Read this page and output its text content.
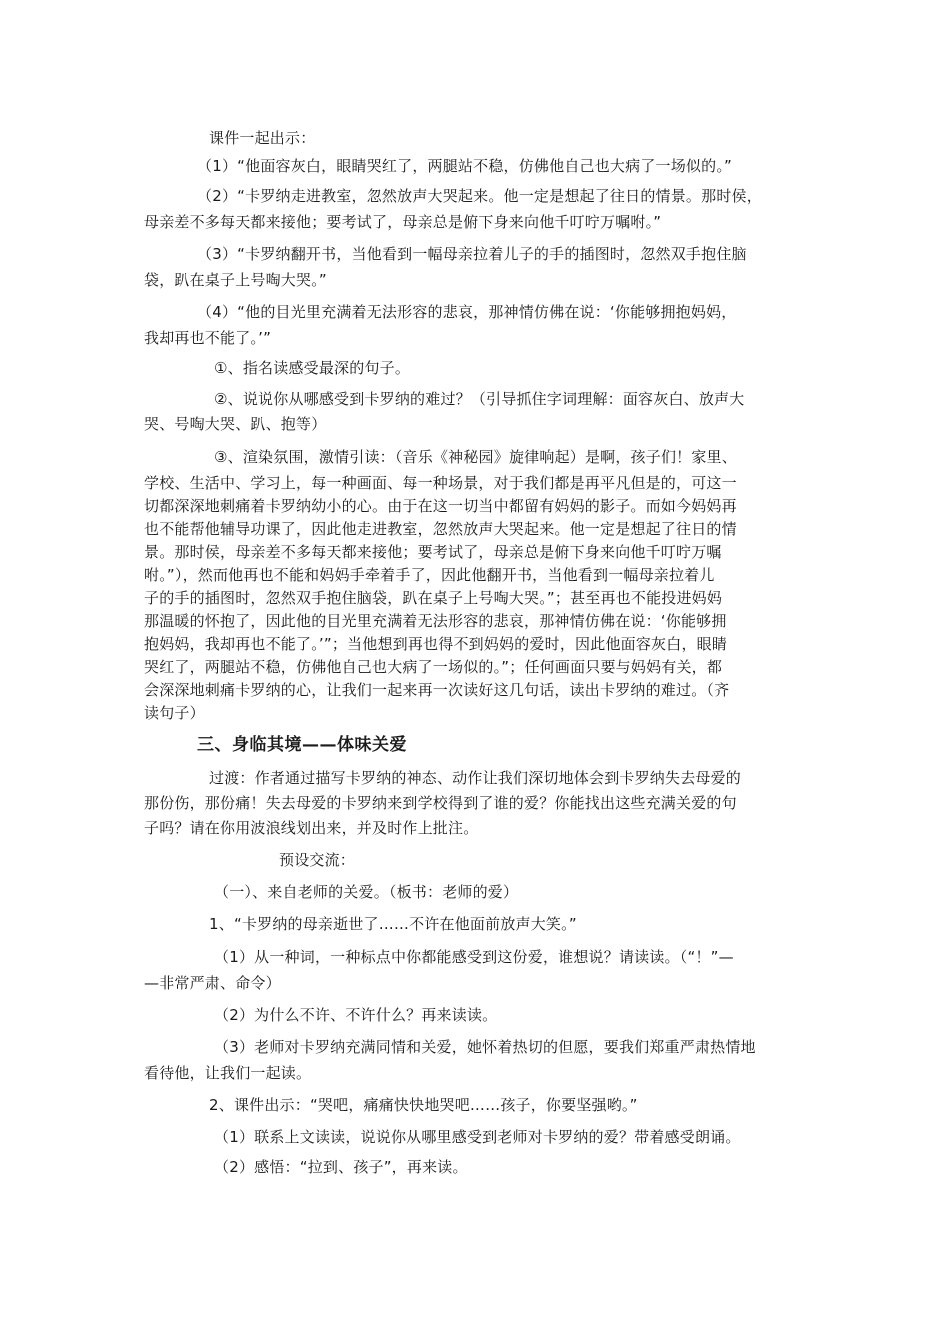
课件一起出示：
（1）“他面容灰白，眼睛哭红了，两腿站不稳，仿佛他自己也大病了一场似的。”
（2）“卡罗纳走进教室，忽然放声大哭起来。他一定是想起了往日的情景。那时侯，
母亲差不多每天都来接他；要考试了，母亲总是俯下身来向他千叮咛万嘱咐。”
（3）“卡罗纳翻开书，当他看到一幅母亲拉着儿子的手的插图时，忽然双手抱住脑
袋，趴在桌子上号啕大哭。”
（4）“他的目光里充满着无法形容的悲哀，那神情仿佛在说：‘你能够拥抱妈妈，
我却再也不能了。’”
①、指名读感受最深的句子。
②、说说你从哪感受到卡罗纳的难过？（引导抓住字词理解：面容灰白、放声大
哭、号啕大哭、趴、抱等）
③、渲染氛围，激情引读：（音乐《神秘园》旋律响起）是啊，孩子们！家里、
学校、生活中、学习上，每一种画面、每一种场景，对于我们都是再平凡但是的，可这一
切都深深地刺痛着卡罗纳幼小的心。由于在这一切当中都留有妈妈的影子。而如今妈妈再
也不能帮他辅导功课了，因此他走进教室，忽然放声大哭起来。他一定是想起了往日的情
景。那时侯，母亲差不多每天都来接他；要考试了，母亲总是俯下身来向他千叮咛万嘱
咐。”），然而他再也不能和妈妈手牵着手了，因此他翻开书，当他看到一幅母亲拉着儿
子的手的插图时，忽然双手抱住脑袋，趴在桌子上号啕大哭。”；甚至再也不能投进妈妈
那温暖的怀抱了，因此他的目光里充满着无法形容的悲哀，那神情仿佛在说：‘你能够拥
抱妈妈，我却再也不能了。’”；当他想到再也得不到妈妈的爱时，因此他面容灰白，眼睛
哭红了，两腿站不稳，仿佛他自己也大病了一场似的。”；任何画面只要与妈妈有关，都
会深深地刺痛卡罗纳的心，让我们一起来再一次读好这几句话，读出卡罗纳的难过。（齐
读句子）
三、身临其境——体味关爱
过渡：作者通过描写卡罗纳的神态、动作让我们深切地体会到卡罗纳失去母爱的
那份伤，那份痛！失去母爱的卡罗纳来到学校得到了谁的爱？你能找出这些充满关爱的句
子吗？请在你用波浪线划出来，并及时作上批注。
预设交流：
（一）、来自老师的关爱。（板书：老师的爱）
1、“卡罗纳的母亲逝世了……不许在他面前放声大笑。”
（1）从一种词，一种标点中你都能感受到这份爱，谁想说？请读读。（“！”—
—非常严肃、命令）
（2）为什么不许、不许什么？再来读读。
（3）老师对卡罗纳充满同情和关爱，她怀着热切的但愿，要我们郑重严肃热情地
看待他，让我们一起读。
2、课件出示：“哭吧，痛痛快快地哭吧……孩子，你要坚强哟。”
（1）联系上文读读，说说你从哪里感受到老师对卡罗纳的爱？带着感受朗诵。
（2）感悟：“拉到、孩子”，再来读。
